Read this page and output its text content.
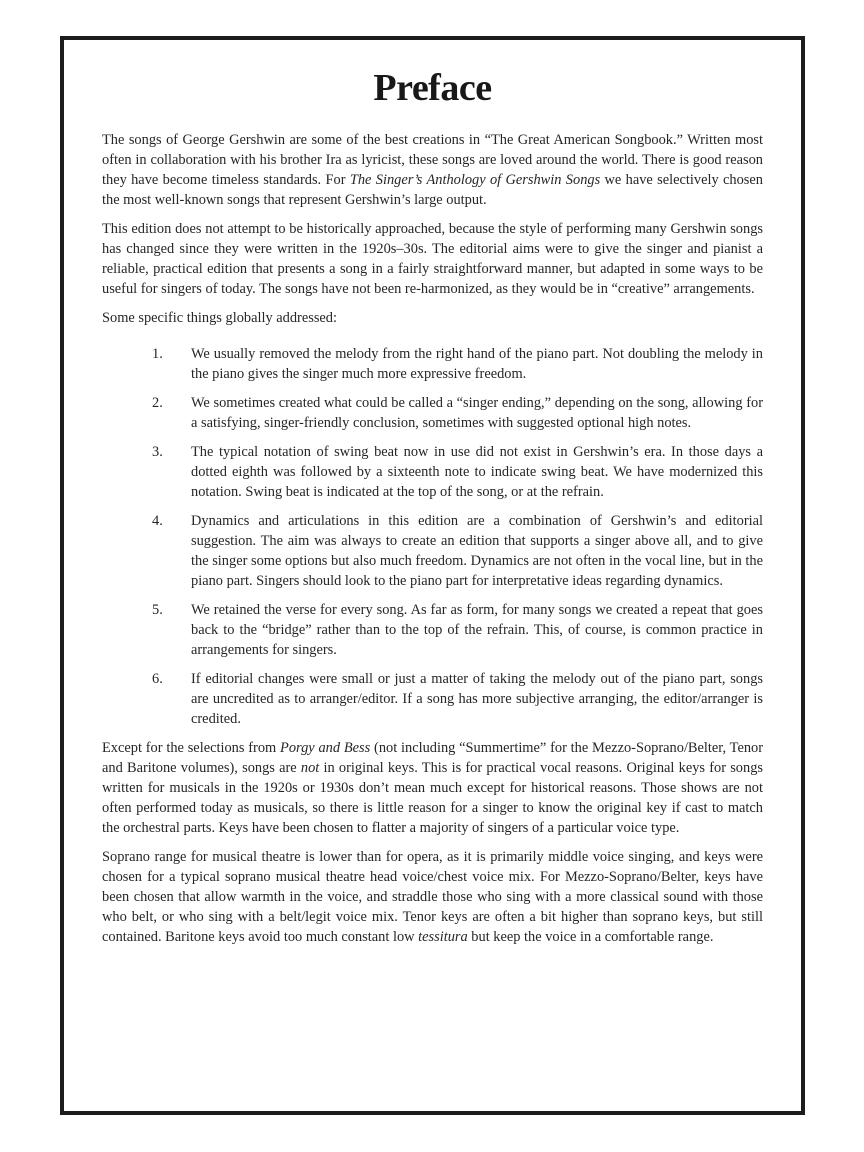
Preface

The songs of George Gershwin are some of the best creations in “The Great American Songbook.” Written most often in collaboration with his brother Ira as lyricist, these songs are loved around the world. There is good reason they have become timeless standards. For The Singer’s Anthology of Gershwin Songs we have selectively chosen the most well-known songs that represent Gershwin’s large output.

This edition does not attempt to be historically approached, because the style of performing many Gershwin songs has changed since they were written in the 1920s–30s. The editorial aims were to give the singer and pianist a reliable, practical edition that presents a song in a fairly straightforward manner, but adapted in some ways to be useful for singers of today. The songs have not been re-harmonized, as they would be in “creative” arrangements.

Some specific things globally addressed:

1. We usually removed the melody from the right hand of the piano part. Not doubling the melody in the piano gives the singer much more expressive freedom.
2. We sometimes created what could be called a “singer ending,” depending on the song, allowing for a satisfying, singer-friendly conclusion, sometimes with suggested optional high notes.
3. The typical notation of swing beat now in use did not exist in Gershwin’s era. In those days a dotted eighth was followed by a sixteenth note to indicate swing beat. We have modernized this notation. Swing beat is indicated at the top of the song, or at the refrain.
4. Dynamics and articulations in this edition are a combination of Gershwin’s and editorial suggestion. The aim was always to create an edition that supports a singer above all, and to give the singer some options but also much freedom. Dynamics are not often in the vocal line, but in the piano part. Singers should look to the piano part for interpretative ideas regarding dynamics.
5. We retained the verse for every song. As far as form, for many songs we created a repeat that goes back to the “bridge” rather than to the top of the refrain. This, of course, is common practice in arrangements for singers.
6. If editorial changes were small or just a matter of taking the melody out of the piano part, songs are uncredited as to arranger/editor. If a song has more subjective arranging, the editor/arranger is credited.

Except for the selections from Porgy and Bess (not including “Summertime” for the Mezzo-Soprano/Belter, Tenor and Baritone volumes), songs are not in original keys. This is for practical vocal reasons. Original keys for songs written for musicals in the 1920s or 1930s don’t mean much except for historical reasons. Those shows are not often performed today as musicals, so there is little reason for a singer to know the original key if cast to match the orchestral parts. Keys have been chosen to flatter a majority of singers of a particular voice type.

Soprano range for musical theatre is lower than for opera, as it is primarily middle voice singing, and keys were chosen for a typical soprano musical theatre head voice/chest voice mix. For Mezzo-Soprano/Belter, keys have been chosen that allow warmth in the voice, and straddle those who sing with a more classical sound with those who belt, or who sing with a belt/legit voice mix. Tenor keys are often a bit higher than soprano keys, but still contained. Baritone keys avoid too much constant low tessitura but keep the voice in a comfortable range.
